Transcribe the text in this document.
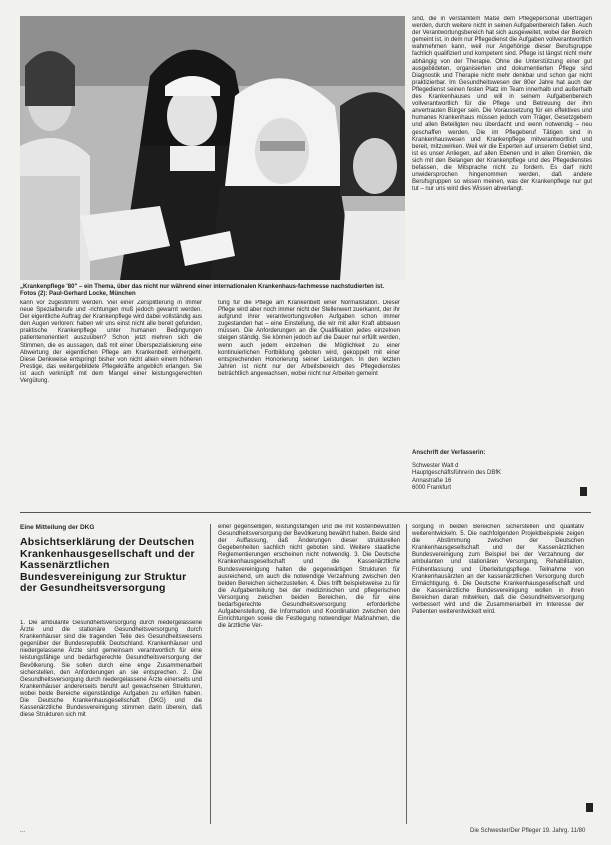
„Krankenpflege '80" – ein Thema, über das nicht nur während einer internationalen Krankenhaus-fachmesse nachstudierten ist.
Fotos (2): Paul-Gerhard Locke, München

sind, die in verstärktem Maße dem Pflegepersonal übertragen werden, durch weitere nicht in seinen Aufgabenbereich fallen. Auch der Verantwortungsbereich hat sich ausgeweitet, wobei der Bereich gemeint ist, in dem nur Pflegedienst die Aufgaben vollverantwortlich wahrnehmen kann, weil nur Angehörige dieser Berufsgruppe fachlich qualifiziert und kompetent sind. Pflege ist längst nicht mehr abhängig von der Therapie. Ohne die Unterstützung einer gut ausgebildeten, organisierten und dokumentierten Pflege sind Diagnostik und Therapie nicht mehr denkbar und schon gar nicht praktizierbar. Im Gesundheitswesen der 80er Jahre hat auch der Pflegedienst seinen festen Platz im Team innerhalb und außerhalb des Krankenhauses und will in seinem Aufgabenbereich vollverantwortlich für die Pflege und Betreuung der ihm anvertrauten Bürger sein. Die Voraussetzung für ein effektives und humanes Krankenhaus müssen jedoch vom Träger, Gesetzgebern und allen Beteiligten neu überdacht und wenn notwendig – neu geschaffen werden. Die im Pflegeberuf Tätigen sind in Krankenhauswesen und Krankenpflege mitverantwortlich und bereit, mitzuwirken. Weil wir die Experten auf unserem Gebiet sind, ist es unser Anliegen, auf allen Ebenen und in allen Gremien, die sich mit den Belangen der Krankenpflege und des Pflegedienstes befassen, die Mitsprache nicht zu fordern. Es darf nicht unwidersprochen hingenommen werden, daß andere Berufsgruppen so wissen meinen, was der Krankenpflege nur gut tut – nur uns wird dies Wissen abverlangt.

kann vor zugestimmt werden. Viel einer Zersplitterung in immer neue Spezialberufe und -richtungen muß jedoch gewarnt werden. Der eigentliche Auftrag der Krankenpflege wird dabei vollständig aus den Augen verloren: haben wir uns einst nicht alle bereit gefunden, praktische Krankenpflege unter humanen Bedingungen patientenorientiert auszuüben? Schon jetzt mehren sich die Stimmen, die es aussagen, daß mit einer Überspezialisierung eine Abwertung der eigentlichen Pflege am Krankenbett einhergeht. Diese Denkweise entspringt bisher von nicht allein einem höheren Prestige, das weitergebildete Pflegekräfte angeblich erlangen. Sie ist auch verknüpft mit dem Mangel einer leistungsgerechten Vergütung.

tung für die Pflege am Krankenbett einer Normalstation. Dieser Pflege wird aber noch immer nicht der Stellenwert zuerkannt, der ihr aufgrund ihrer verantwortungsvollen Aufgaben schon immer zugestanden hat – eine Einstellung, die wir mit aller Kraft abbauen müssen. Die Anforderungen an die Qualifikation jedes einzelnen steigen ständig. Sie können jedoch auf die Dauer nur erfüllt werden, wenn auch jedem einzelnen die Möglichkeit zu einer kontinuierlichen Fortbildung geboten wird, gekoppelt mit einer entsprechenden Honorierung seiner Leistungen. In den letzten Jahren ist nicht nur der Arbeitsbereich des Pflegedienstes beträchtlich angewachsen, wobei nicht nur Arbeiten gemeint

Anschrift der Verfasserin:
Schwester Walt d
Hauptgeschäftsführerin des DBfK
Annastraße 16
6000 Frankfurt
Eine Mitteilung der DKG
Absichtserklärung der Deutschen Krankenhausgesellschaft und der Kassenärztlichen Bundesvereinigung zur Struktur der Gesundheitsversorgung

1. Die ambulante Gesundheitsversorgung durch niedergelassene Ärzte und die stationäre Gesundheitsversorgung durch Krankenhäuser sind die tragenden Teile des Gesundheitswesens gegenüber der Bundesrepublik Deutschland. Krankenhäuser und niedergelassene Ärzte sind gemeinsam verantwortlich für eine leistungsfähige und bedarfsgerechte Gesundheitsversorgung der Bevölkerung. Sie sollen durch eine enge Zusammenarbeit sicherstellen, den Anforderungen an sie entsprechen. 2. Die Gesundheitsversorgung durch niedergelassene Ärzte einerseits und Krankenhäuser andererseits beruht auf gewachsenen Strukturen, wobei beide Bereiche eigenständige Aufgaben zu erfüllen haben. Die Deutsche Krankenhausgesellschaft (DKG) und die Kassenärztliche Bundesvereinigung stimmen darin überein, daß diese Strukturen sich mit

einer gegenseitigen, leistungsfähigen und die mit kostenbewußten Gesundheitsversorgung der Bevölkerung bewährt haben. Beide sind der Auffassung, daß Änderungen dieser strukturellen Gegebenheiten sachlich nicht geboten sind. Weitere staatliche Reglementierungen erscheinen nicht notwendig. 3. Die Deutsche Krankenhausgesellschaft und die Kassenärztliche Bundesvereinigung halten die gegenwärtigen Strukturen für ausreichend, um auch die notwendige Verzahnung zwischen den beiden Bereichen sicherzustellen. 4. Dies trifft beispielsweise zu für die Aufgabenteilung bei der medizinischen und pflegerischen Versorgung zwischen beiden Bereichen, die für eine bedarfsgerechte Gesundheitsversorgung erforderliche Aufgabenstellung, die Information und Koordination zwischen den Einrichtungen sowie die Festlegung notwendiger Maßnahmen, die die ärztliche Ver-

sorgung in beiden Bereichen sicherstellen und qualitativ weiterentwickeln. 5. Die nachfolgenden Projektbeispiele zeigen die Abstimmung zwischen der Deutschen Krankenhausgesellschaft und der Kassenärztlichen Bundesvereinigung zum Beispiel bei der Verzahnung der ambulanten und stationären Versorgung, Rehabilitation, Frühentlassung und Überleitungspflege. Teilnahme von Krankenhausärzten an der kassenärztlichen Versorgung durch Ermächtigung. 6. Die Deutsche Krankenhausgesellschaft und die Kassenärztliche Bundesvereinigung wollen in ihren Bereichen daran mitwirken, daß die Gesundheitsversorgung verbessert wird und die Zusammenarbeit im Interesse der Patienten weiterentwickelt wird.

...	Die Schwester/Der Pfleger 19. Jahrg. 11/80
